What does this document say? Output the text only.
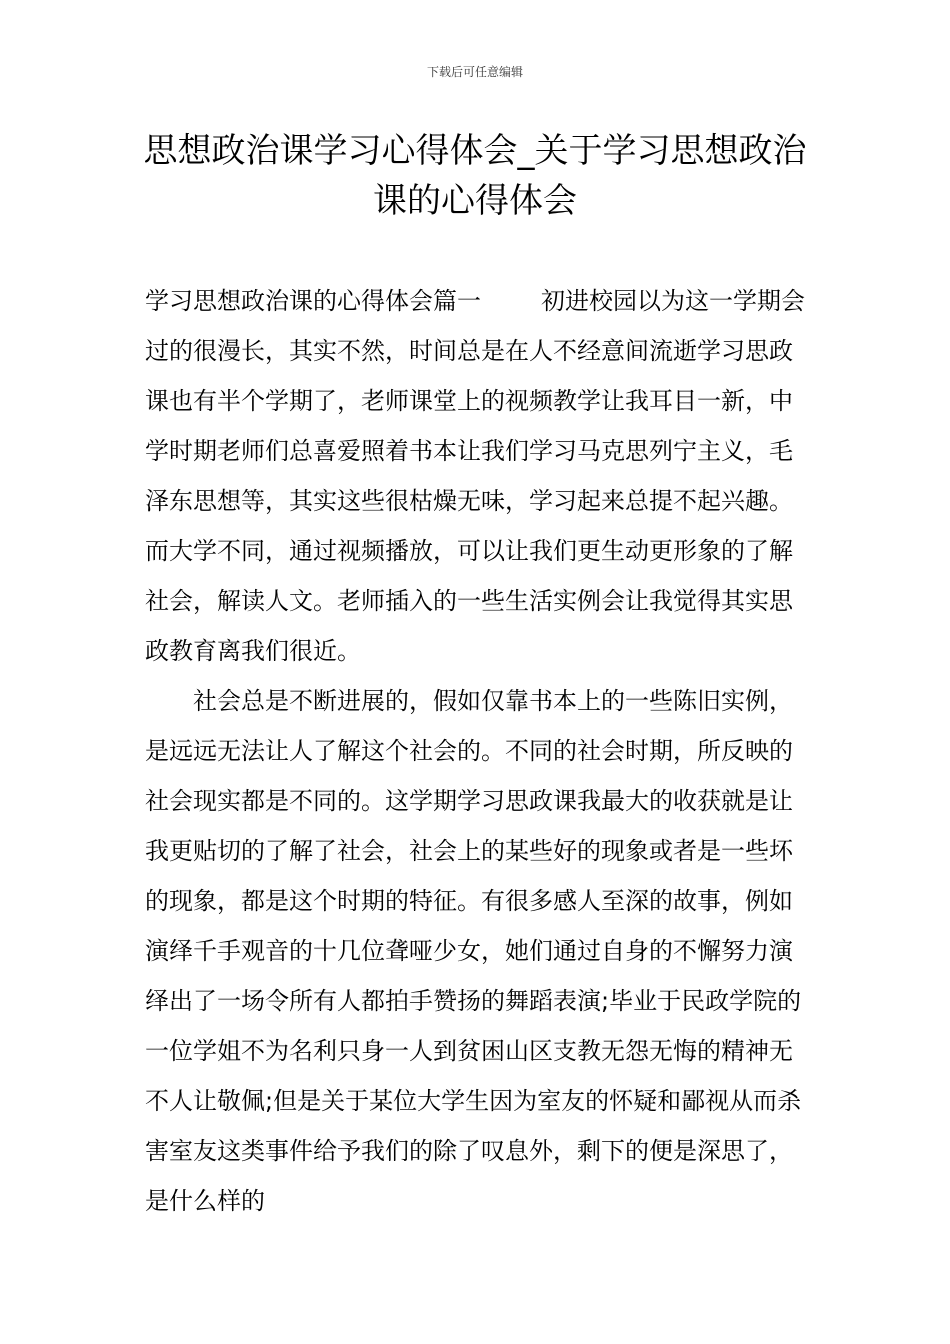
下载后可任意编辑
思想政治课学习心得体会_关于学习思想政治课的心得体会

学习思想政治课的心得体会篇一	初进校园以为这一学期会过的很漫长，其实不然，时间总是在人不经意间流逝学习思政课也有半个学期了，老师课堂上的视频教学让我耳目一新，中学时期老师们总喜爱照着书本让我们学习马克思列宁主义，毛泽东思想等，其实这些很枯燥无味，学习起来总提不起兴趣。而大学不同，通过视频播放，可以让我们更生动更形象的了解社会，解读人文。老师插入的一些生活实例会让我觉得其实思政教育离我们很近。

社会总是不断进展的，假如仅靠书本上的一些陈旧实例，是远远无法让人了解这个社会的。不同的社会时期，所反映的社会现实都是不同的。这学期学习思政课我最大的收获就是让我更贴切的了解了社会，社会上的某些好的现象或者是一些坏的现象，都是这个时期的特征。有很多感人至深的故事，例如演绎千手观音的十几位聋哑少女，她们通过自身的不懈努力演绎出了一场令所有人都拍手赞扬的舞蹈表演;毕业于民政学院的一位学姐不为名利只身一人到贫困山区支教无怨无悔的精神无不人让敬佩;但是关于某位大学生因为室友的怀疑和鄙视从而杀害室友这类事件给予我们的除了叹息外，剩下的便是深思了，是什么样的
